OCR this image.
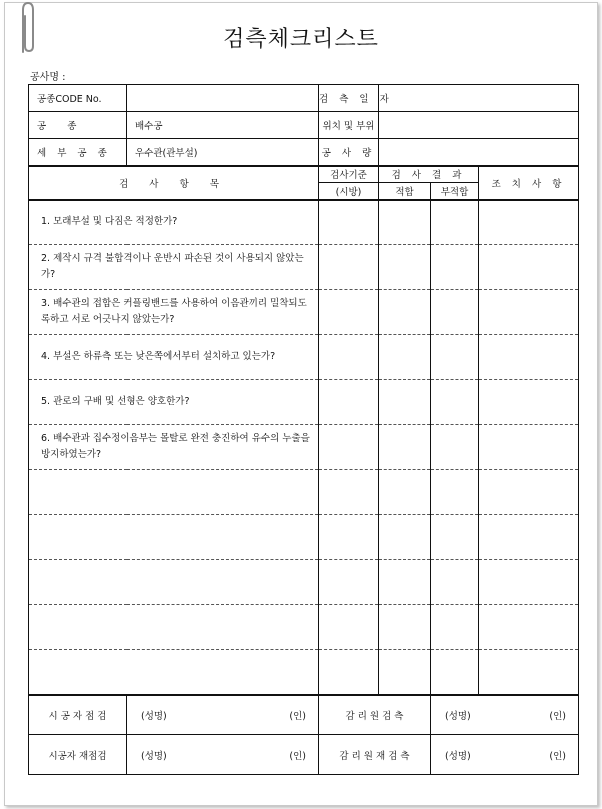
검측체크리스트
공사명 :
공종CODE No.		검 측 일 자			
공 종	배수공	위치 및 부위			
세 부 공 종	우수관(관부설)	공 사 량			
검 사 항 목		검사기준	검 사 결 과		조 치 사 항
		(시방)	적합	부적합	
1. 모래부설 및 다짐은 적정한가?					
2. 제작시 규격 불합격이나 운반시 파손된 것이 사용되지 않았는가?					
3. 배수관의 접합은 커플링밴드를 사용하여 이음관끼리 밀착되도록하고 서로 어긋나지 않았는가?					
4. 부설은 하류측 또는 낮은쪽에서부터 설치하고 있는가?					
5. 관로의 구배 및 선형은 양호한가?					
6. 배수관과 집수정이음부는 몰탈로 완전 충진하여 유수의 누출을 방지하였는가?					

시 공 자 점 검	(성명) (인)	감 리 원 검 측		(성명) (인)	

시공자 재점검	(성명) (인)	감 리 원 재 검 측		(성명) (인)	
